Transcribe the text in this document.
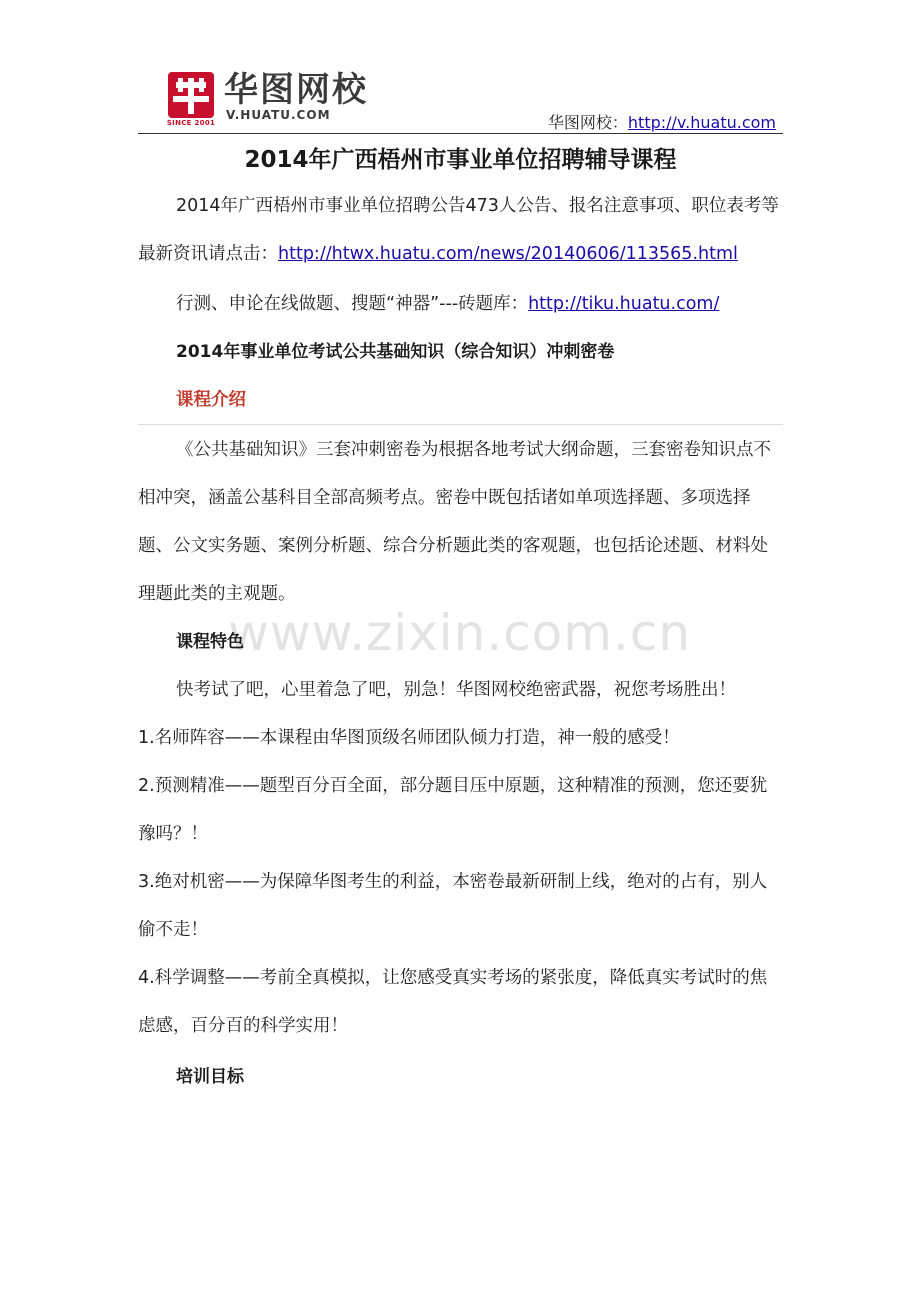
SINCE 2001
华图网校
V.HUATU.COM	华图网校：http://v.huatu.com
2014年广西梧州市事业单位招聘辅导课程
2014年广西梧州市事业单位招聘公告473人公告、报名注意事项、职位表考等最新资讯请点击：http://htwx.huatu.com/news/20140606/113565.html
行测、申论在线做题、搜题“神器”---砖题库：http://tiku.huatu.com/
2014年事业单位考试公共基础知识（综合知识）冲刺密卷
课程介绍
《公共基础知识》三套冲刺密卷为根据各地考试大纲命题，三套密卷知识点不相冲突，涵盖公基科目全部高频考点。密卷中既包括诸如单项选择题、多项选择题、公文实务题、案例分析题、综合分析题此类的客观题，也包括论述题、材料处理题此类的主观题。
www.zixin.com.cn
课程特色
快考试了吧，心里着急了吧，别急！华图网校绝密武器，祝您考场胜出！
1.名师阵容——本课程由华图顶级名师团队倾力打造，神一般的感受！
2.预测精准——题型百分百全面，部分题目压中原题，这种精准的预测，您还要犹豫吗？！
3.绝对机密——为保障华图考生的利益，本密卷最新研制上线，绝对的占有，别人偷不走！
4.科学调整——考前全真模拟，让您感受真实考场的紧张度，降低真实考试时的焦虑感，百分百的科学实用！
培训目标
